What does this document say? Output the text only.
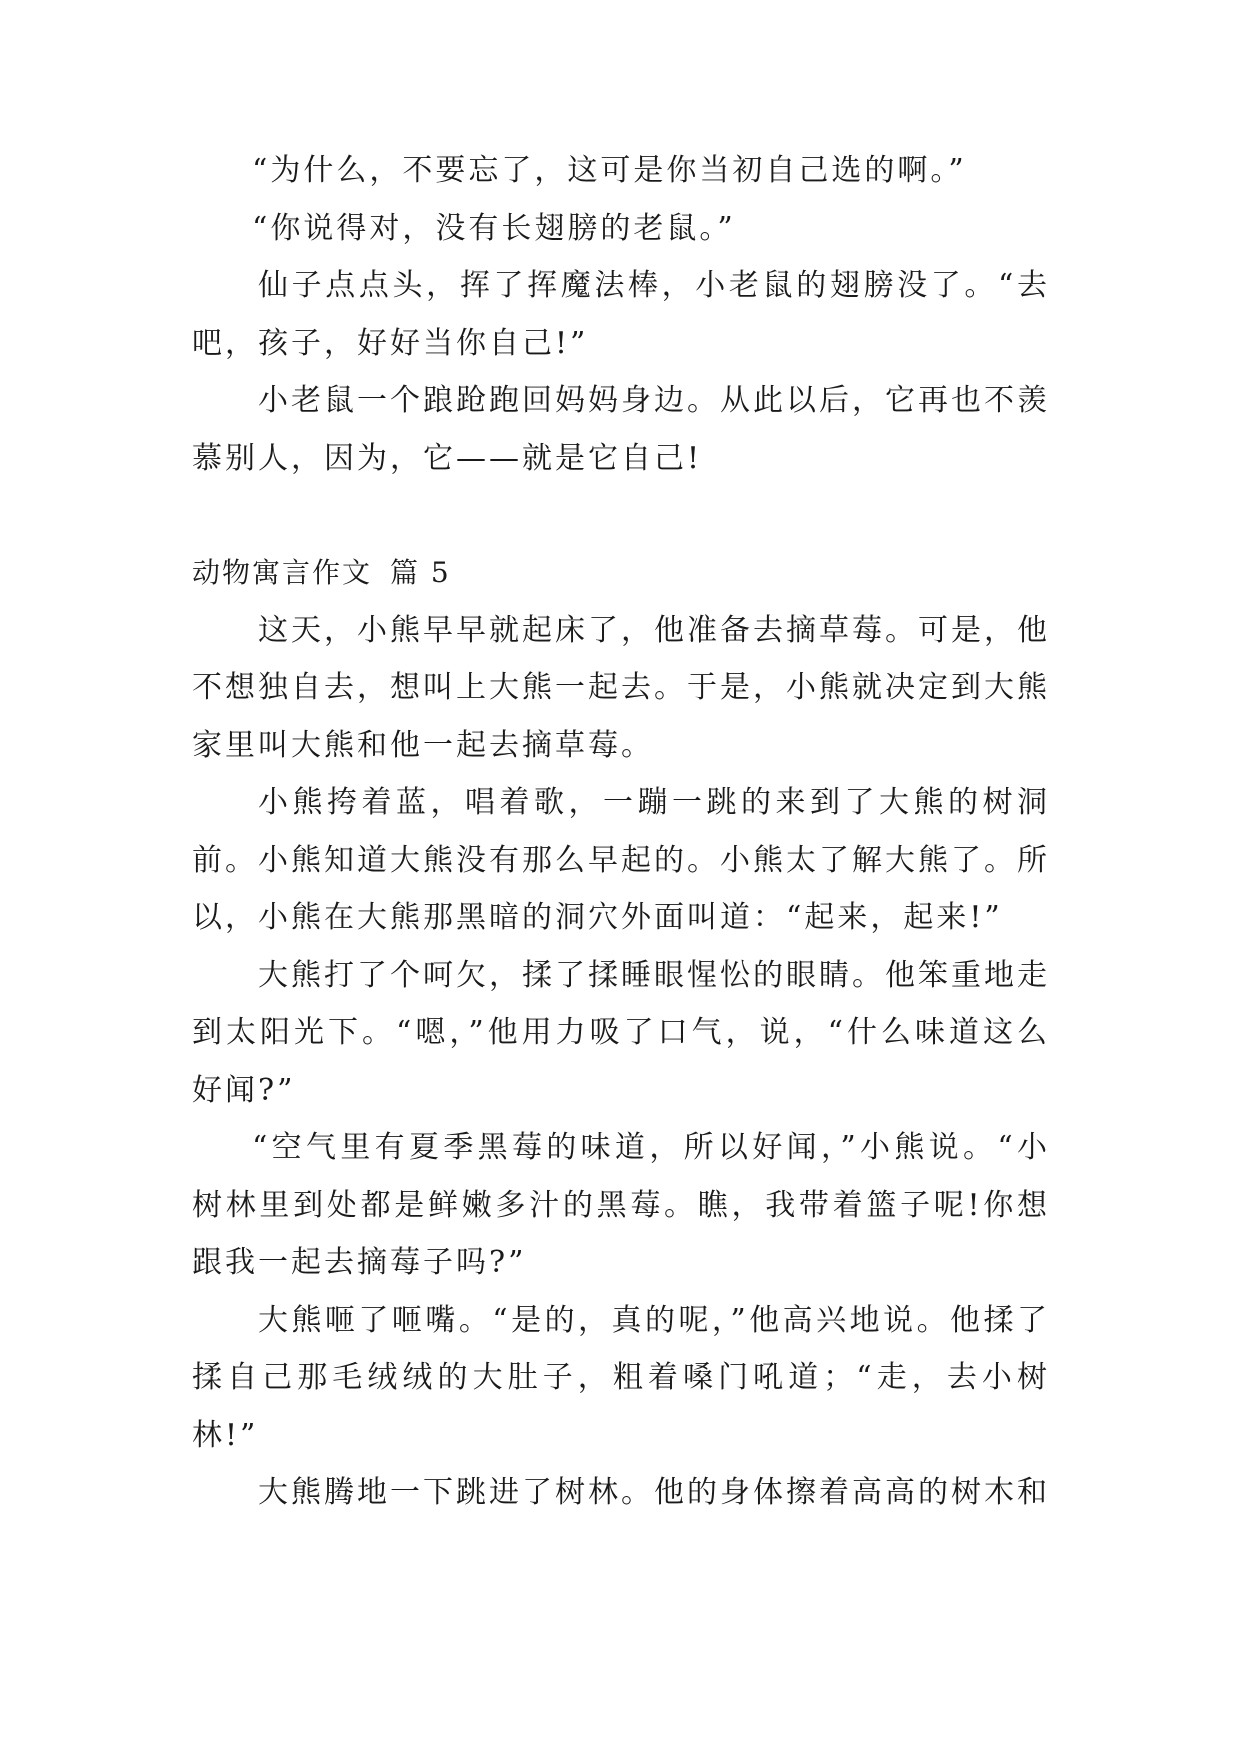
“为什么，不要忘了，这可是你当初自己选的啊。”

“你说得对，没有长翅膀的老鼠。”

仙子点点头，挥了挥魔法棒，小老鼠的翅膀没了。“去吧，孩子，好好当你自己!”

小老鼠一个踉跄跑回妈妈身边。从此以后，它再也不羡慕别人，因为，它——就是它自己!

动物寓言作文 篇 5

这天，小熊早早就起床了，他准备去摘草莓。可是，他不想独自去，想叫上大熊一起去。于是，小熊就决定到大熊家里叫大熊和他一起去摘草莓。

小熊挎着蓝，唱着歌，一蹦一跳的来到了大熊的树洞前。小熊知道大熊没有那么早起的。小熊太了解大熊了。所以，小熊在大熊那黑暗的洞穴外面叫道：“起来，起来!”

大熊打了个呵欠，揉了揉睡眼惺忪的眼睛。他笨重地走到太阳光下。“嗯，”他用力吸了口气，说，“什么味道这么好闻?”

“空气里有夏季黑莓的味道，所以好闻，”小熊说。“小树林里到处都是鲜嫩多汁的黑莓。瞧，我带着篮子呢!你想跟我一起去摘莓子吗?”

大熊咂了咂嘴。“是的，真的呢，”他高兴地说。他揉了揉自己那毛绒绒的大肚子，粗着嗓门吼道；“走，去小树林!”

大熊腾地一下跳进了树林。他的身体擦着高高的树木和
